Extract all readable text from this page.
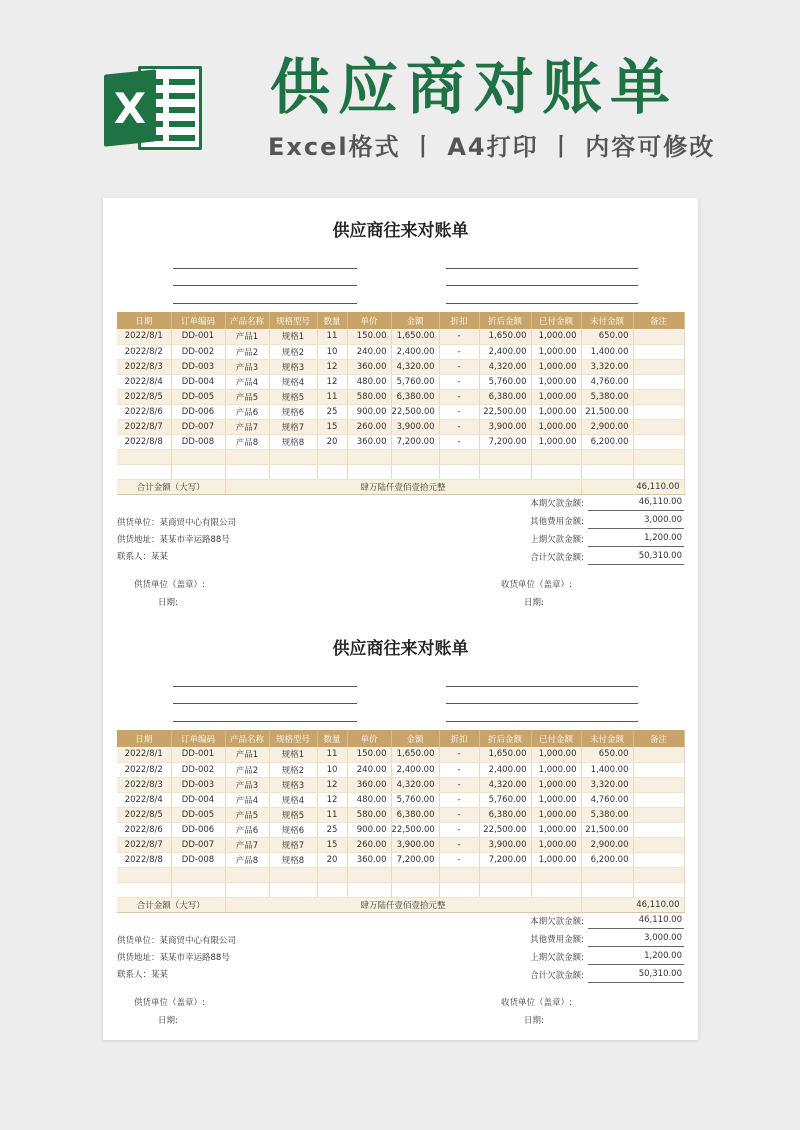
X 供应商对账单
Excel格式 丨 A4打印 丨 内容可修改
供应商往来对账单
日期	订单编码	产品名称	规格型号	数量	单价	金额	折扣	折后金额	已付金额	未付金额	备注
2022/8/1	DD-001	产品1	规格1	11	150.00	1,650.00	-	1,650.00	1,000.00	650.00	
2022/8/2	DD-002	产品2	规格2	10	240.00	2,400.00	-	2,400.00	1,000.00	1,400.00	
2022/8/3	DD-003	产品3	规格3	12	360.00	4,320.00	-	4,320.00	1,000.00	3,320.00	
2022/8/4	DD-004	产品4	规格4	12	480.00	5,760.00	-	5,760.00	1,000.00	4,760.00	
2022/8/5	DD-005	产品5	规格5	11	580.00	6,380.00	-	6,380.00	1,000.00	5,380.00	
2022/8/6	DD-006	产品6	规格6	25	900.00	22,500.00	-	22,500.00	1,000.00	21,500.00	
2022/8/7	DD-007	产品7	规格7	15	260.00	3,900.00	-	3,900.00	1,000.00	2,900.00	
2022/8/8	DD-008	产品8	规格8	20	360.00	7,200.00	-	7,200.00	1,000.00	6,200.00	

合计金额（大写）		肆万陆仟壹佰壹拾元整								46,110.00	
本期欠款金额:	46,110.00
其他费用金额:	3,000.00
上期欠款金额:	1,200.00
合计欠款金额:	50,310.00
供货单位：某商贸中心有限公司
供货地址：某某市幸运路88号
联系人：某某
供货单位（盖章）:
日期:
收货单位（盖章）:
日期:
供应商往来对账单
日期	订单编码	产品名称	规格型号	数量	单价	金额	折扣	折后金额	已付金额	未付金额	备注
2022/8/1	DD-001	产品1	规格1	11	150.00	1,650.00	-	1,650.00	1,000.00	650.00	
2022/8/2	DD-002	产品2	规格2	10	240.00	2,400.00	-	2,400.00	1,000.00	1,400.00	
2022/8/3	DD-003	产品3	规格3	12	360.00	4,320.00	-	4,320.00	1,000.00	3,320.00	
2022/8/4	DD-004	产品4	规格4	12	480.00	5,760.00	-	5,760.00	1,000.00	4,760.00	
2022/8/5	DD-005	产品5	规格5	11	580.00	6,380.00	-	6,380.00	1,000.00	5,380.00	
2022/8/6	DD-006	产品6	规格6	25	900.00	22,500.00	-	22,500.00	1,000.00	21,500.00	
2022/8/7	DD-007	产品7	规格7	15	260.00	3,900.00	-	3,900.00	1,000.00	2,900.00	
2022/8/8	DD-008	产品8	规格8	20	360.00	7,200.00	-	7,200.00	1,000.00	6,200.00	

合计金额（大写）		肆万陆仟壹佰壹拾元整								46,110.00	
本期欠款金额:	46,110.00
其他费用金额:	3,000.00
上期欠款金额:	1,200.00
合计欠款金额:	50,310.00
供货单位：某商贸中心有限公司
供货地址：某某市幸运路88号
联系人：某某
供货单位（盖章）:
日期:
收货单位（盖章）:
日期:
